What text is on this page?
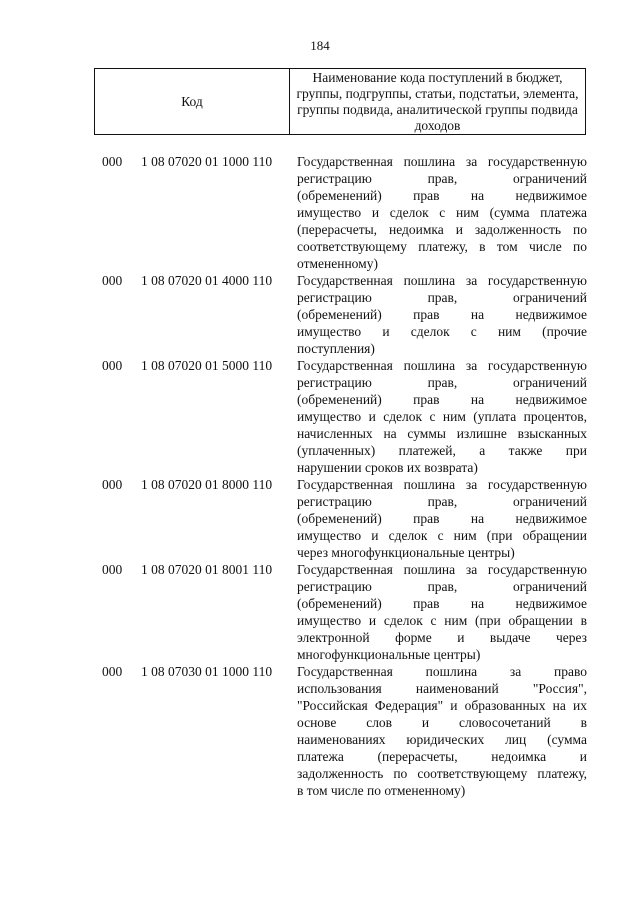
184
Код
Наименование кода поступлений в бюджет, группы, подгруппы, статьи, подстатьи, элемента, группы подвида, аналитической группы подвида доходов
000	1 08 07020 01 1000 110	Государственная пошлина за государственную
регистрацию прав, ограничений
(обременений) прав на недвижимое
имущество и сделок с ним (сумма платежа
(перерасчеты, недоимка и задолженность по
соответствующему платежу, в том числе по
отмененному)
000	1 08 07020 01 4000 110	Государственная пошлина за государственную
регистрацию прав, ограничений
(обременений) прав на недвижимое
имущество и сделок с ним (прочие
поступления)
000	1 08 07020 01 5000 110	Государственная пошлина за государственную
регистрацию прав, ограничений
(обременений) прав на недвижимое
имущество и сделок с ним (уплата процентов,
начисленных на суммы излишне взысканных
(уплаченных) платежей, а также при
нарушении сроков их возврата)
000	1 08 07020 01 8000 110	Государственная пошлина за государственную
регистрацию прав, ограничений
(обременений) прав на недвижимое
имущество и сделок с ним (при обращении
через многофункциональные центры)
000	1 08 07020 01 8001 110	Государственная пошлина за государственную
регистрацию прав, ограничений
(обременений) прав на недвижимое
имущество и сделок с ним (при обращении в
электронной форме и выдаче через
многофункциональные центры)
000	1 08 07030 01 1000 110	Государственная пошлина за право
использования наименований "Россия",
"Российская Федерация" и образованных на их
основе слов и словосочетаний в
наименованиях юридических лиц (сумма
платежа (перерасчеты, недоимка и
задолженность по соответствующему платежу,
в том числе по отмененному)
